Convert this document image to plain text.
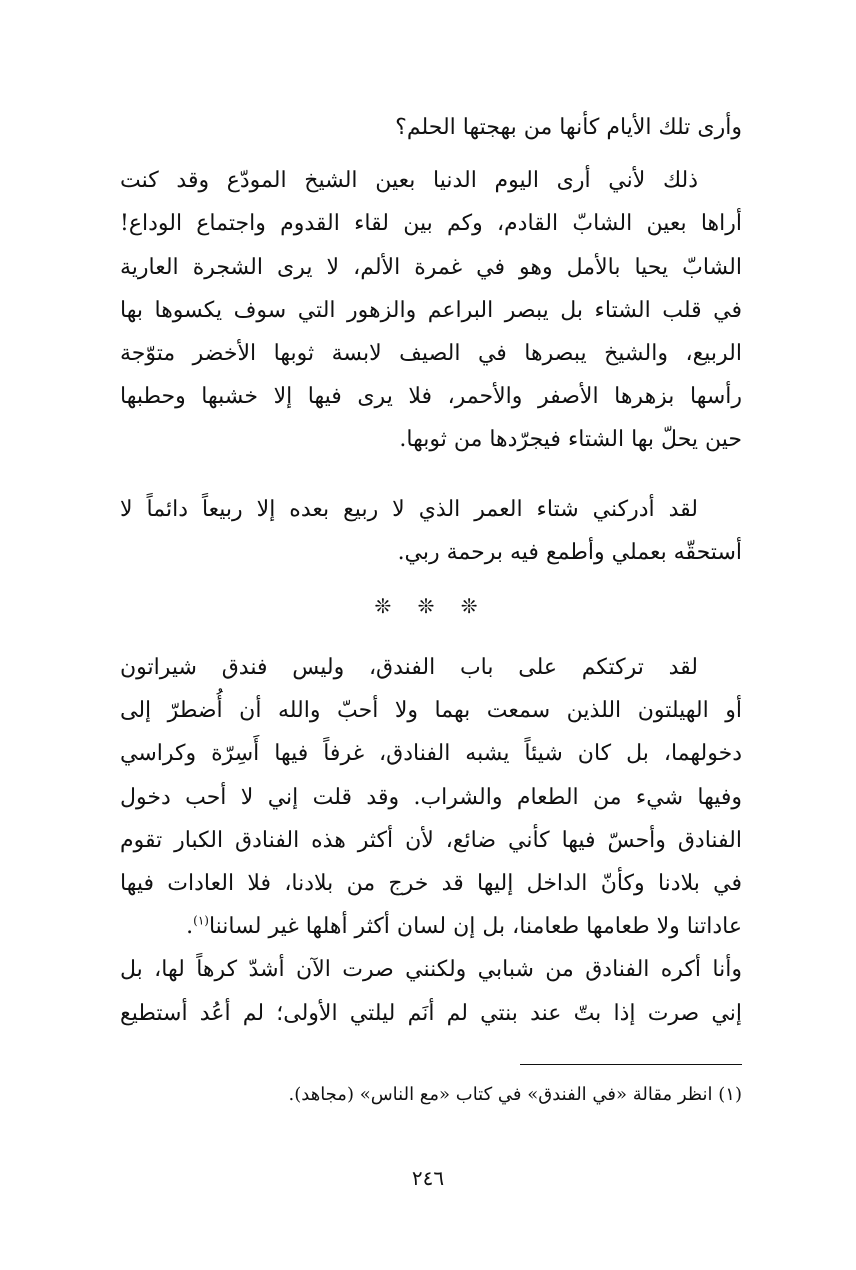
وأرى تلك الأيام كأنها من بهجتها الحلم؟

ذلك لأني أرى اليوم الدنيا بعين الشيخ المودّع وقد كنت
أراها بعين الشابّ القادم، وكم بين لقاء القدوم واجتماع الوداع!
الشابّ يحيا بالأمل وهو في غمرة الألم، لا يرى الشجرة العارية
في قلب الشتاء بل يبصر البراعم والزهور التي سوف يكسوها بها
الربيع، والشيخ يبصرها في الصيف لابسة ثوبها الأخضر متوّجة
رأسها بزهرها الأصفر والأحمر، فلا يرى فيها إلا خشبها وحطبها
حين يحلّ بها الشتاء فيجرّدها من ثوبها.

لقد أدركني شتاء العمر الذي لا ربيع بعده إلا ربيعاً دائماً لا
أستحقّه بعملي وأطمع فيه برحمة ربي.

❊ ❊ ❊

لقد تركتكم على باب الفندق، وليس فندق شيراتون
أو الهيلتون اللذين سمعت بهما ولا أحبّ والله أن أُضطرّ إلى
دخولهما، بل كان شيئاً يشبه الفنادق، غرفاً فيها أَسِرّة وكراسي
وفيها شيء من الطعام والشراب. وقد قلت إني لا أحب دخول
الفنادق وأحسّ فيها كأني ضائع، لأن أكثر هذه الفنادق الكبار تقوم
في بلادنا وكأنّ الداخل إليها قد خرج من بلادنا، فلا العادات فيها
عاداتنا ولا طعامها طعامنا، بل إن لسان أكثر أهلها غير لساننا$^{(١)}$.
وأنا أكره الفنادق من شبابي ولكنني صرت الآن أشدّ كرهاً لها، بل
إني صرت إذا بتّ عند بنتي لم أنَم ليلتي الأولى؛ لم أعُد أستطيع

(١) انظر مقالة «في الفندق» في كتاب «مع الناس» (مجاهد).
٢٤٦
